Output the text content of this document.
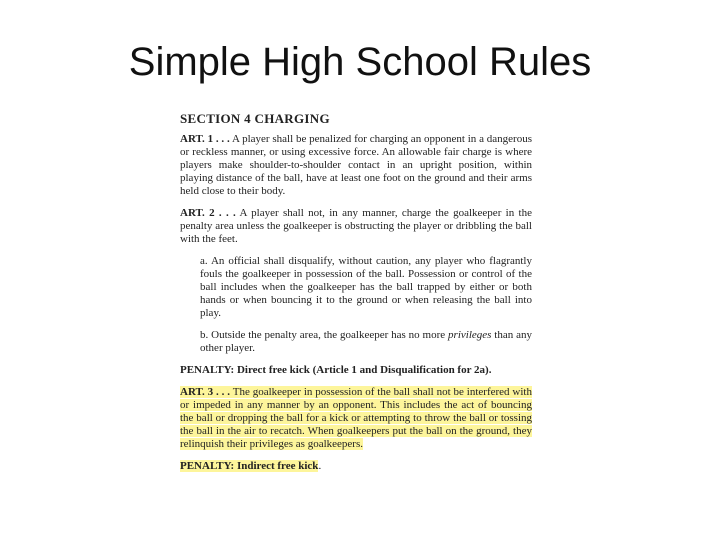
Simple High School Rules
SECTION 4 CHARGING
ART. 1 . . . A player shall be penalized for charging an opponent in a dangerous or reckless manner, or using excessive force. An allowable fair charge is where players make shoulder-to-shoulder contact in an upright position, within playing distance of the ball, have at least one foot on the ground and their arms held close to their body.
ART. 2 . . . A player shall not, in any manner, charge the goalkeeper in the penalty area unless the goalkeeper is obstructing the player or dribbling the ball with the feet.
a. An official shall disqualify, without caution, any player who flagrantly fouls the goalkeeper in possession of the ball. Possession or control of the ball includes when the goalkeeper has the ball trapped by either or both hands or when bouncing it to the ground or when releasing the ball into play.
b. Outside the penalty area, the goalkeeper has no more privileges than any other player.
PENALTY: Direct free kick (Article 1 and Disqualification for 2a).
ART. 3 . . . The goalkeeper in possession of the ball shall not be interfered with or impeded in any manner by an opponent. This includes the act of bouncing the ball or dropping the ball for a kick or attempting to throw the ball or tossing the ball in the air to recatch. When goalkeepers put the ball on the ground, they relinquish their privileges as goalkeepers.
PENALTY: Indirect free kick.
